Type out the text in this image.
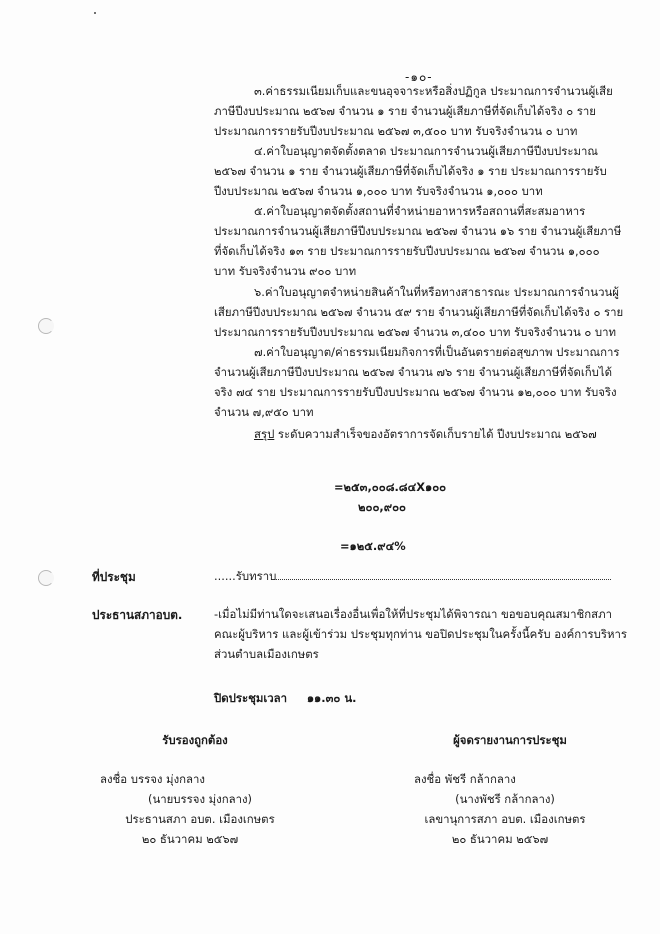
-๑๐-
๓.ค่าธรรมเนียมเก็บและขนอุจจาระหรือสิ่งปฏิกูล ประมาณการจำนวนผู้เสีย
ภาษีปีงบประมาณ ๒๕๖๗ จำนวน ๑ ราย จำนวนผู้เสียภาษีที่จัดเก็บได้จริง ๐ ราย
ประมาณการรายรับปีงบประมาณ ๒๕๖๗ ๓,๕๐๐ บาท รับจริงจำนวน ๐ บาท
๔.ค่าใบอนุญาตจัดตั้งตลาด ประมาณการจำนวนผู้เสียภาษีปีงบประมาณ
๒๕๖๗ จำนวน ๑ ราย จำนวนผู้เสียภาษีที่จัดเก็บได้จริง ๑ ราย ประมาณการรายรับ
ปีงบประมาณ ๒๕๖๗ จำนวน ๑,๐๐๐ บาท รับจริงจำนวน ๑,๐๐๐ บาท
๕.ค่าใบอนุญาตจัดตั้งสถานที่จำหน่ายอาหารหรือสถานที่สะสมอาหาร
ประมาณการจำนวนผู้เสียภาษีปีงบประมาณ ๒๕๖๗ จำนวน ๑๖ ราย จำนวนผู้เสียภาษี
ที่จัดเก็บได้จริง ๑๓ ราย ประมาณการรายรับปีงบประมาณ ๒๕๖๗ จำนวน ๑,๐๐๐
บาท รับจริงจำนวน ๙๐๐ บาท
๖.ค่าใบอนุญาตจำหน่ายสินค้าในที่หรือทางสาธารณะ ประมาณการจำนวนผู้
เสียภาษีปีงบประมาณ ๒๕๖๗ จำนวน ๕๙ ราย จำนวนผู้เสียภาษีที่จัดเก็บได้จริง ๐ ราย
ประมาณการรายรับปีงบประมาณ ๒๕๖๗ จำนวน ๓,๔๐๐ บาท รับจริงจำนวน ๐ บาท
๗.ค่าใบอนุญาต/ค่าธรรมเนียมกิจการที่เป็นอันตรายต่อสุขภาพ ประมาณการ
จำนวนผู้เสียภาษีปีงบประมาณ ๒๕๖๗ จำนวน ๗๖ ราย จำนวนผู้เสียภาษีที่จัดเก็บได้
จริง ๗๔ ราย ประมาณการรายรับปีงบประมาณ ๒๕๖๗ จำนวน ๑๒,๐๐๐ บาท รับจริง
จำนวน ๗,๙๕๐ บาท
สรุป ระดับความสำเร็จของอัตราการจัดเก็บรายได้ ปีงบประมาณ ๒๕๖๗
=๒๕๓,๐๐๘.๘๔X๑๐๐
๒๐๐,๙๐๐
=๑๒๕.๙๔%
ที่ประชุม	......รับทราบ
ประธานสภาอบต.	-เมื่อไม่มีท่านใดจะเสนอเรื่องอื่นเพื่อให้ที่ประชุมได้พิจารณา ขอขอบคุณสมาชิกสภา
คณะผู้บริหาร และผู้เข้าร่วม ประชุมทุกท่าน ขอปิดประชุมในครั้งนี้ครับ องค์การบริหาร
ส่วนตำบลเมืองเกษตร
ปิดประชุมเวลา ๑๑.๓๐ น.
รับรองถูกต้อง
ลงชื่อ บรรจง มุ่งกลาง
(นายบรรจง มุ่งกลาง)
ประธานสภา อบต. เมืองเกษตร
๒๐ ธันวาคม ๒๕๖๗
ผู้จดรายงานการประชุม
ลงชื่อ พัชรี กล้ากลาง
(นางพัชรี กล้ากลาง)
เลขานุการสภา อบต. เมืองเกษตร
๒๐ ธันวาคม ๒๕๖๗
